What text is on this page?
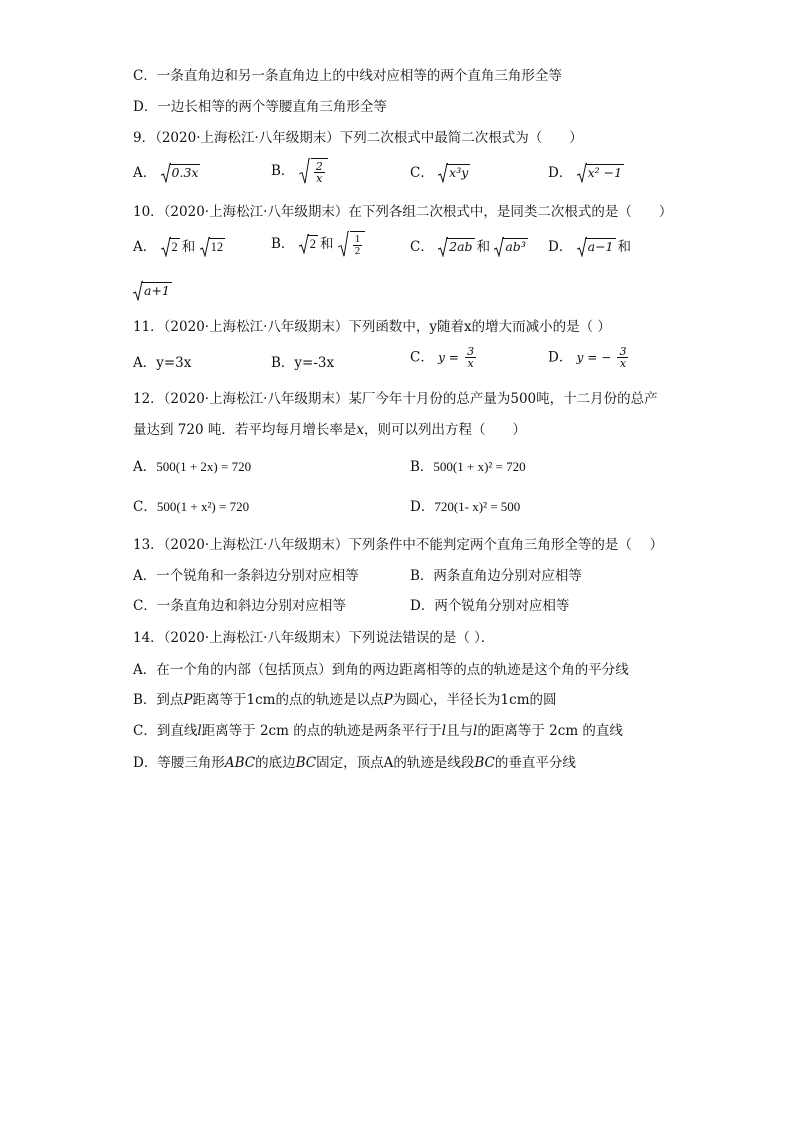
C．一条直角边和另一条直角边上的中线对应相等的两个直角三角形全等
D．一边长相等的两个等腰直角三角形全等
9．（2020·上海松江·八年级期末）下列二次根式中最简二次根式为（　　）
A． 0.3x	B． $\frac{2}{x}$	C． x³y	D． x² −1
10．（2020·上海松江·八年级期末）在下列各组二次根式中，是同类二次根式的是（　　）
A． 2 和 12	B． 2 和 $\frac{1}{2}$	C． 2ab 和 ab³ D． a−1 和
a+1
11．（2020·上海松江·八年级期末）下列函数中，y随着x的增大而减小的是（ ）
A．y=3x	B．y=-3x	C． $y = \frac{3}{x}$	D． y = − $\frac{3}{x}$
12．（2020·上海松江·八年级期末）某厂今年十月份的总产量为500吨，十二月份的总产
量达到 720 吨．若平均每月增长率是x，则可以列出方程（　　）
A．500(1 + 2x) = 720	B．500(1 + x)² = 720
C．500(1 + x²) = 720	D．720(1- x)² = 500
13．（2020·上海松江·八年级期末）下列条件中不能判定两个直角三角形全等的是（　 ）
A．一个锐角和一条斜边分别对应相等	B．两条直角边分别对应相等
C．一条直角边和斜边分别对应相等	D．两个锐角分别对应相等
14．（2020·上海松江·八年级期末）下列说法错误的是（ ）．
A．在一个角的内部（包括顶点）到角的两边距离相等的点的轨迹是这个角的平分线
B．到点P距离等于1cm的点的轨迹是以点P为圆心，半径长为1cm的圆
C．到直线l距离等于 2cm 的点的轨迹是两条平行于l且与l的距离等于 2cm 的直线
D．等腰三角形ABC的底边BC固定，顶点A的轨迹是线段BC的垂直平分线
